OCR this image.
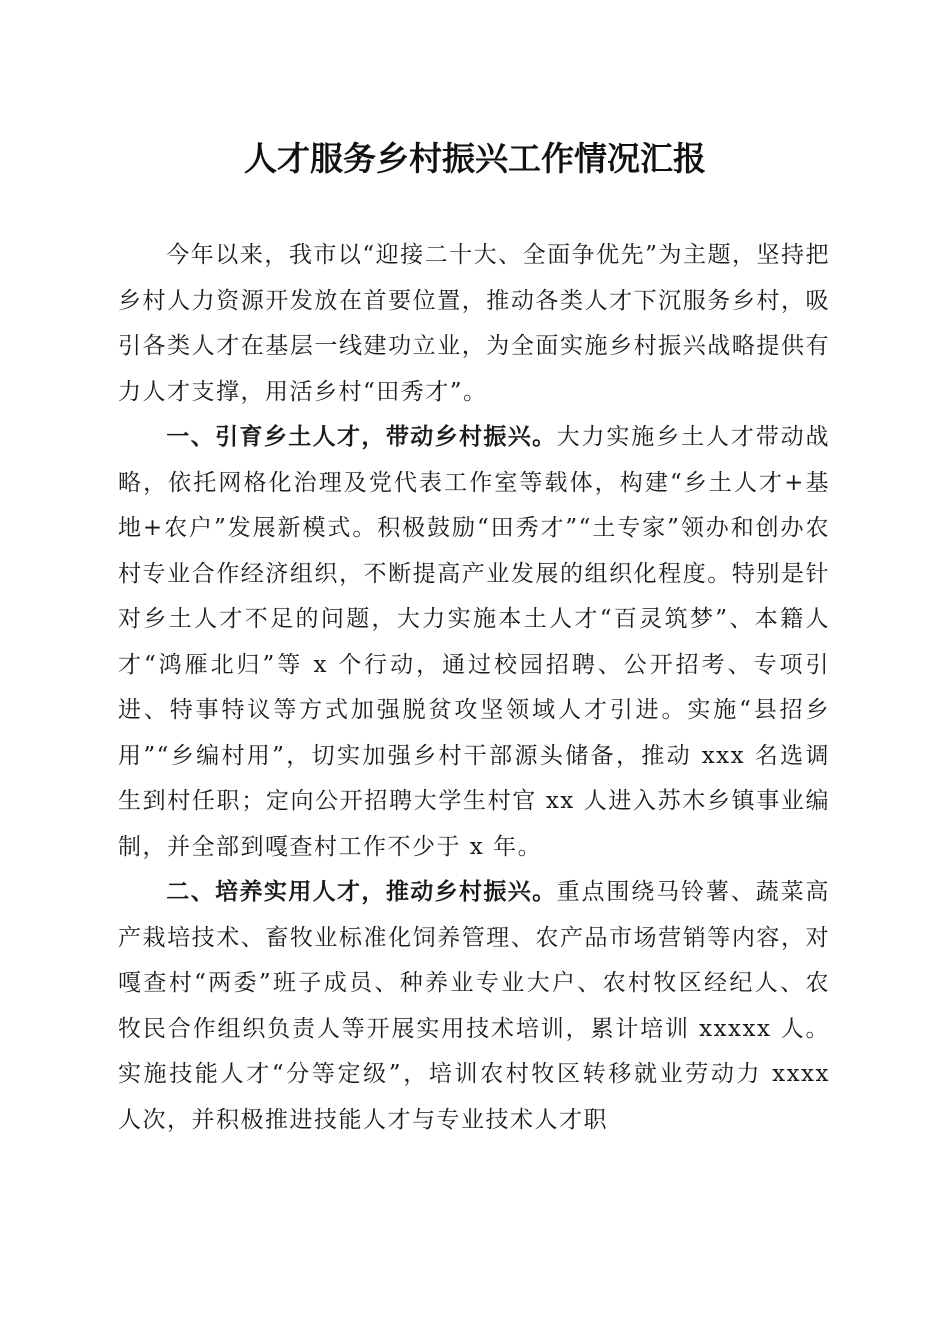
人才服务乡村振兴工作情况汇报

今年以来，我市以“迎接二十大、全面争优先”为主题，坚持把乡村人力资源开发放在首要位置，推动各类人才下沉服务乡村，吸引各类人才在基层一线建功立业，为全面实施乡村振兴战略提供有力人才支撑，用活乡村“田秀才”。

一、引育乡土人才，带动乡村振兴。大力实施乡土人才带动战略，依托网格化治理及党代表工作室等载体，构建“乡土人才+基地+农户”发展新模式。积极鼓励“田秀才”“土专家”领办和创办农村专业合作经济组织，不断提高产业发展的组织化程度。特别是针对乡土人才不足的问题，大力实施本土人才“百灵筑梦”、本籍人才“鸿雁北归”等 x 个行动，通过校园招聘、公开招考、专项引进、特事特议等方式加强脱贫攻坚领域人才引进。实施“县招乡用”“乡编村用”，切实加强乡村干部源头储备，推动 xxx 名选调生到村任职；定向公开招聘大学生村官 xx 人进入苏木乡镇事业编制，并全部到嘎查村工作不少于 x 年。

二、培养实用人才，推动乡村振兴。重点围绕马铃薯、蔬菜高产栽培技术、畜牧业标准化饲养管理、农产品市场营销等内容，对嘎查村“两委”班子成员、种养业专业大户、农村牧区经纪人、农牧民合作组织负责人等开展实用技术培训，累计培训 xxxxx 人。实施技能人才“分等定级”，培训农村牧区转移就业劳动力 xxxx 人次，并积极推进技能人才与专业技术人才职
